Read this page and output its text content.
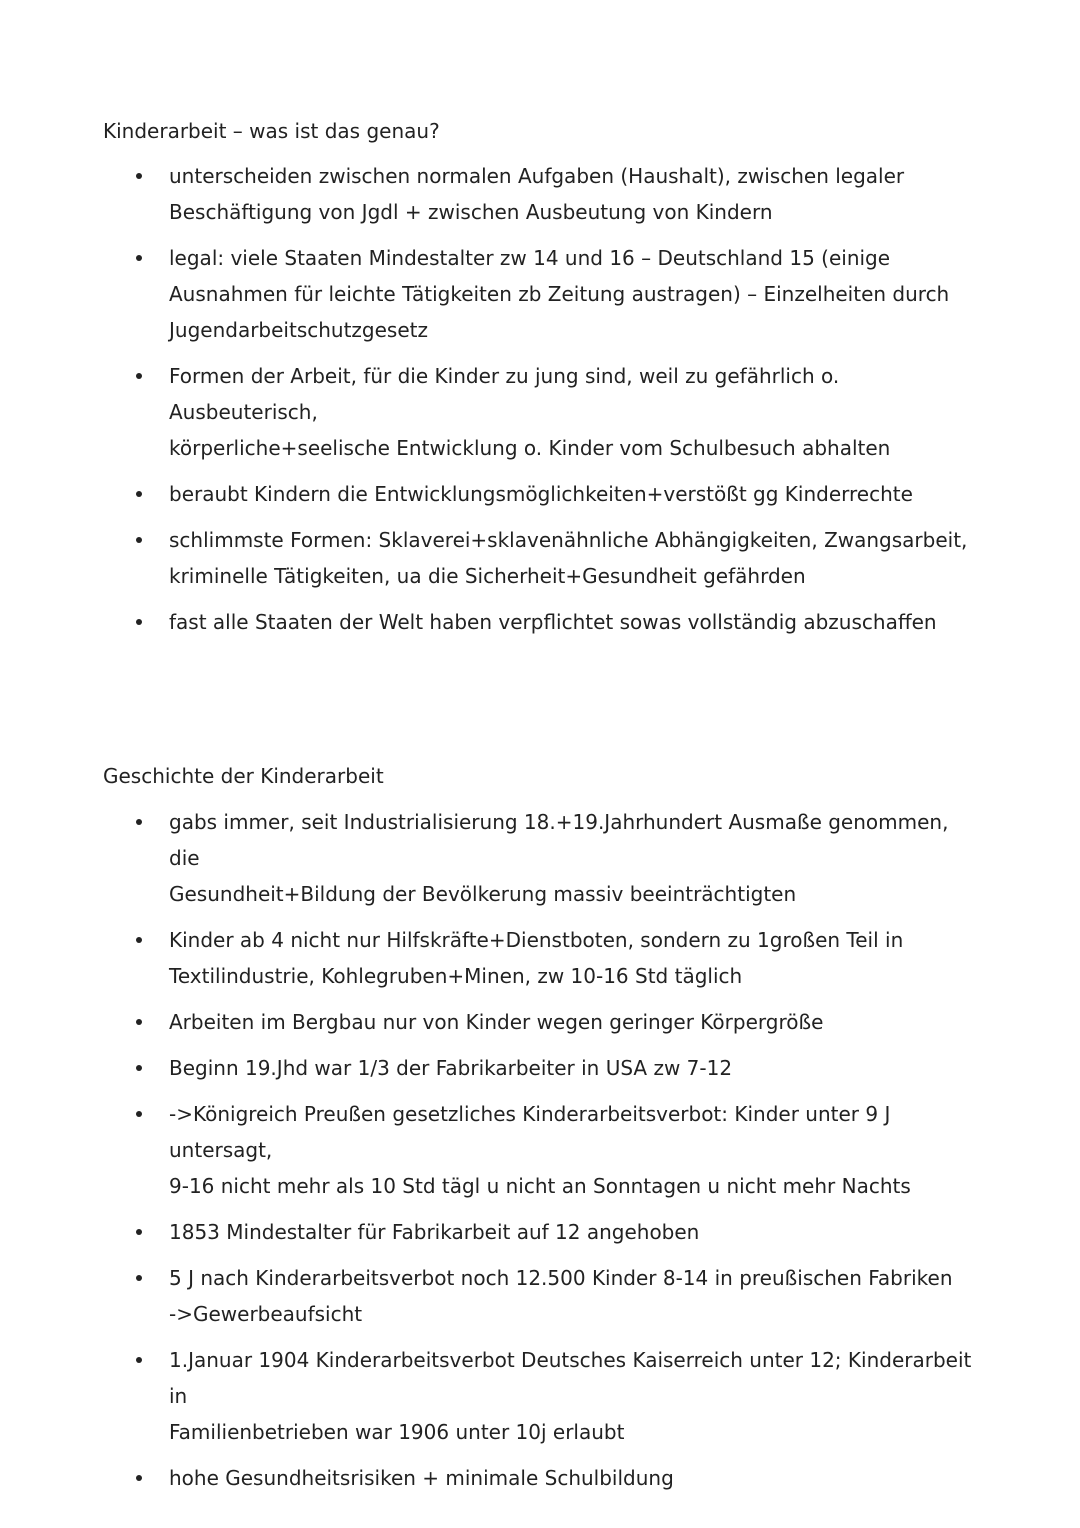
Kinderarbeit – was ist das genau?
unterscheiden zwischen normalen Aufgaben (Haushalt), zwischen legaler
Beschäftigung von Jgdl + zwischen Ausbeutung von Kindern
legal: viele Staaten Mindestalter zw 14 und 16 – Deutschland 15 (einige
Ausnahmen für leichte Tätigkeiten zb Zeitung austragen) – Einzelheiten durch
Jugendarbeitschutzgesetz
Formen der Arbeit, für die Kinder zu jung sind, weil zu gefährlich o. Ausbeuterisch,
körperliche+seelische Entwicklung o. Kinder vom Schulbesuch abhalten
beraubt Kindern die Entwicklungsmöglichkeiten+verstößt gg Kinderrechte
schlimmste Formen: Sklaverei+sklavenähnliche Abhängigkeiten, Zwangsarbeit,
kriminelle Tätigkeiten, ua die Sicherheit+Gesundheit gefährden
fast alle Staaten der Welt haben verpflichtet sowas vollständig abzuschaffen
Geschichte der Kinderarbeit
gabs immer, seit Industrialisierung 18.+19.Jahrhundert Ausmaße genommen, die
Gesundheit+Bildung der Bevölkerung massiv beeinträchtigten
Kinder ab 4 nicht nur Hilfskräfte+Dienstboten, sondern zu 1großen Teil in
Textilindustrie, Kohlegruben+Minen, zw 10-16 Std täglich
Arbeiten im Bergbau nur von Kinder wegen geringer Körpergröße
Beginn 19.Jhd war 1/3 der Fabrikarbeiter in USA zw 7-12
->Königreich Preußen gesetzliches Kinderarbeitsverbot: Kinder unter 9 J untersagt,
9-16 nicht mehr als 10 Std tägl u nicht an Sonntagen u nicht mehr Nachts
1853 Mindestalter für Fabrikarbeit auf 12 angehoben
5 J nach Kinderarbeitsverbot noch 12.500 Kinder 8-14 in preußischen Fabriken
->Gewerbeaufsicht
1.Januar 1904 Kinderarbeitsverbot Deutsches Kaiserreich unter 12; Kinderarbeit in
Familienbetrieben war 1906 unter 10j erlaubt
hohe Gesundheitsrisiken + minimale Schulbildung
